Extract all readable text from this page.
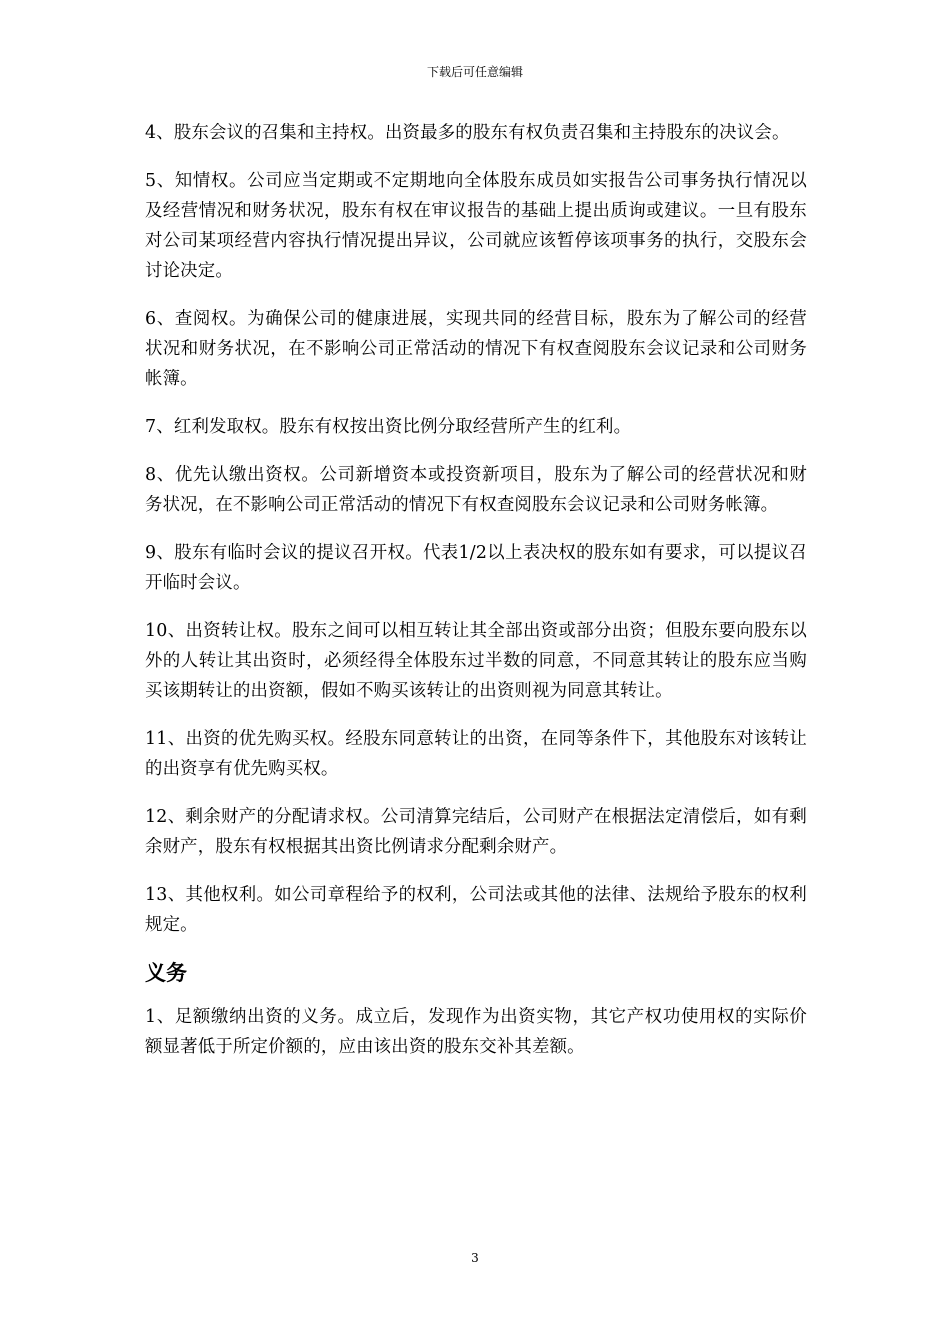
下载后可任意编辑

4、股东会议的召集和主持权。出资最多的股东有权负责召集和主持股东的决议会。

5、知情权。公司应当定期或不定期地向全体股东成员如实报告公司事务执行情况以及经营情况和财务状况，股东有权在审议报告的基础上提出质询或建议。一旦有股东对公司某项经营内容执行情况提出异议，公司就应该暂停该项事务的执行，交股东会讨论决定。

6、查阅权。为确保公司的健康进展，实现共同的经营目标，股东为了解公司的经营状况和财务状况，在不影响公司正常活动的情况下有权查阅股东会议记录和公司财务帐簿。

7、红利发取权。股东有权按出资比例分取经营所产生的红利。

8、优先认缴出资权。公司新增资本或投资新项目，股东为了解公司的经营状况和财务状况，在不影响公司正常活动的情况下有权查阅股东会议记录和公司财务帐簿。

9、股东有临时会议的提议召开权。代表1/2以上表决权的股东如有要求，可以提议召开临时会议。

10、出资转让权。股东之间可以相互转让其全部出资或部分出资；但股东要向股东以外的人转让其出资时，必须经得全体股东过半数的同意，不同意其转让的股东应当购买该期转让的出资额，假如不购买该转让的出资则视为同意其转让。

11、出资的优先购买权。经股东同意转让的出资，在同等条件下，其他股东对该转让的出资享有优先购买权。

12、剩余财产的分配请求权。公司清算完结后，公司财产在根据法定清偿后，如有剩余财产，股东有权根据其出资比例请求分配剩余财产。

13、其他权利。如公司章程给予的权利，公司法或其他的法律、法规给予股东的权利规定。

义务

1、足额缴纳出资的义务。成立后，发现作为出资实物，其它产权功使用权的实际价额显著低于所定价额的，应由该出资的股东交补其差额。

3
